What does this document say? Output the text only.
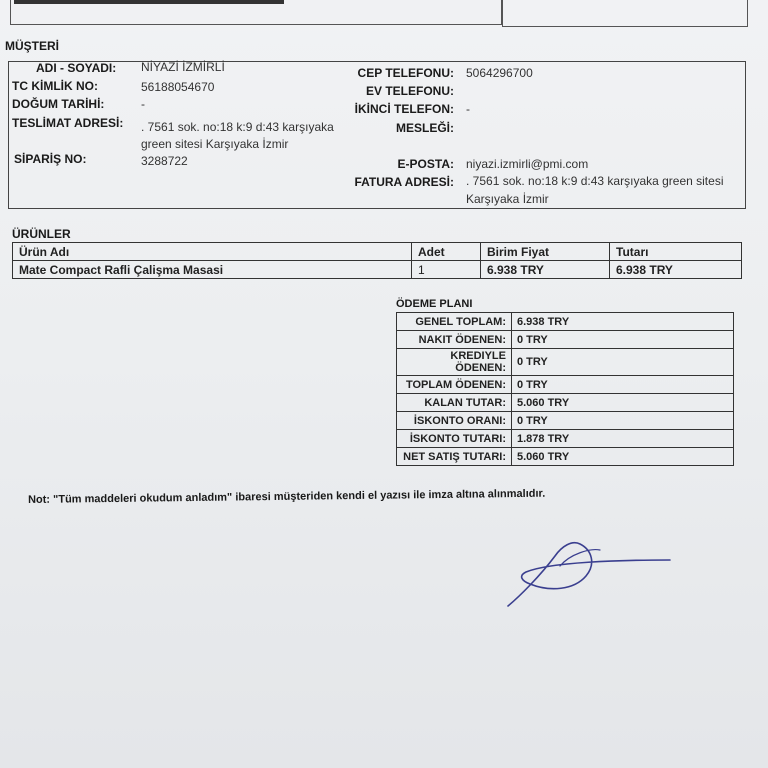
MÜŞTERİ
ADI - SOYADI: NİYAZİ İZMİRLİ
TC KİMLİK NO:	56188054670
DOĞUM TARİHİ:	-
TESLİMAT ADRESİ: . 7561 sok. no:18 k:9 d:43 karşıyaka
green sitesi Karşıyaka İzmir
SİPARİŞ NO:	3288722
CEP TELEFONU: 5064296700
EV TELEFONU:
İKİNCİ TELEFON: -
MESLEĞİ:
E-POSTA: niyazi.izmirli@pmi.com
FATURA ADRESİ: . 7561 sok. no:18 k:9 d:43 karşıyaka green sitesi
Karşıyaka İzmir
ÜRÜNLER
Ürün Adı	Adet	Birim Fiyat	Tutarı
Mate Compact Rafli Çalişma Masasi	1	6.938 TRY	6.938 TRY
ÖDEME PLANI
GENEL TOPLAM:	6.938 TRY
NAKIT ÖDENEN:	0 TRY
KREDIYLE ÖDENEN:	0 TRY
TOPLAM ÖDENEN:	0 TRY
KALAN TUTAR:	5.060 TRY
İSKONTO ORANI:	0 TRY
İSKONTO TUTARI:	1.878 TRY
NET SATIŞ TUTARI:	5.060 TRY
Not: "Tüm maddeleri okudum anladım" ibaresi müşteriden kendi el yazısı ile imza altına alınmalıdır.
